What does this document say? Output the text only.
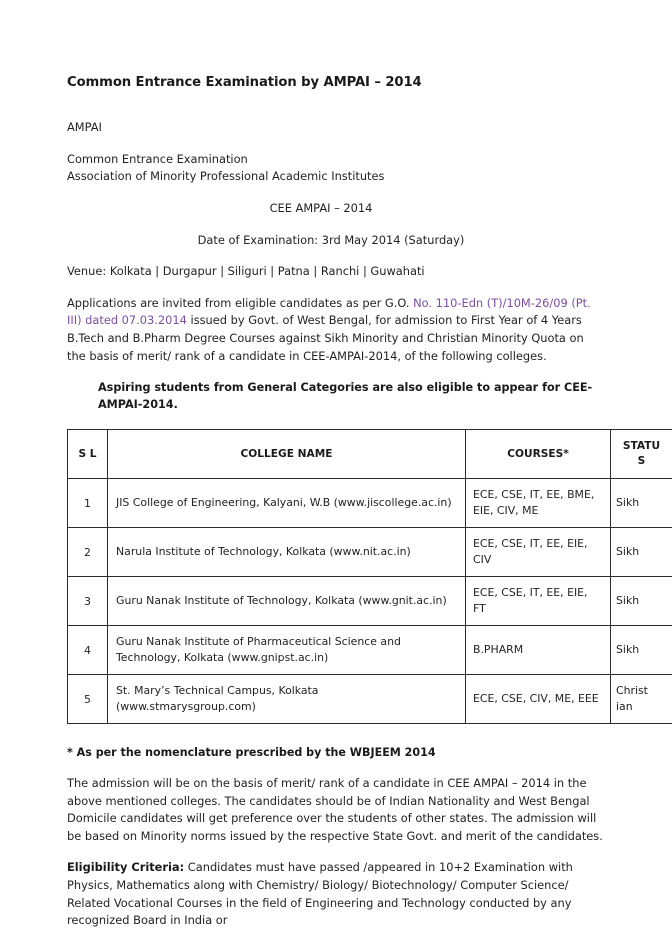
Common Entrance Examination by AMPAI – 2014

AMPAI

Common Entrance Examination

Association of Minority Professional Academic Institutes

CEE AMPAI – 2014

Date of Examination: 3rd May 2014 (Saturday)

Venue: Kolkata | Durgapur | Siliguri | Patna | Ranchi | Guwahati

Applications are invited from eligible candidates as per G.O. No. 110-Edn (T)/10M-26/09 (Pt. III) dated 07.03.2014 issued by Govt. of West Bengal, for admission to First Year of 4 Years B.Tech and B.Pharm Degree Courses against Sikh Minority and Christian Minority Quota on the basis of merit/ rank of a candidate in CEE-AMPAI-2014, of the following colleges.

Aspiring students from General Categories are also eligible to appear for CEE-AMPAI-2014.

S L	COLLEGE NAME	COURSES*	STATU S
1	JIS College of Engineering, Kalyani, W.B (www.jiscollege.ac.in)	ECE, CSE, IT, EE, BME, EIE, CIV, ME	Sikh
2	Narula Institute of Technology, Kolkata (www.nit.ac.in)	ECE, CSE, IT, EE, EIE, CIV	Sikh
3	Guru Nanak Institute of Technology, Kolkata (www.gnit.ac.in)	ECE, CSE, IT, EE, EIE, FT	Sikh
4	Guru Nanak Institute of Pharmaceutical Science and Technology, Kolkata (www.gnipst.ac.in)	B.PHARM	Sikh
5	St. Mary’s Technical Campus, Kolkata (www.stmarysgroup.com)	ECE, CSE, CIV, ME, EEE	Christ ian

* As per the nomenclature prescribed by the WBJEEM 2014

The admission will be on the basis of merit/ rank of a candidate in CEE AMPAI – 2014 in the above mentioned colleges. The candidates should be of Indian Nationality and West Bengal Domicile candidates will get preference over the students of other states. The admission will be based on Minority norms issued by the respective State Govt. and merit of the candidates.

Eligibility Criteria: Candidates must have passed /appeared in 10+2 Examination with Physics, Mathematics along with Chemistry/ Biology/ Biotechnology/ Computer Science/ Related Vocational Courses in the field of Engineering and Technology conducted by any recognized Board in India or
